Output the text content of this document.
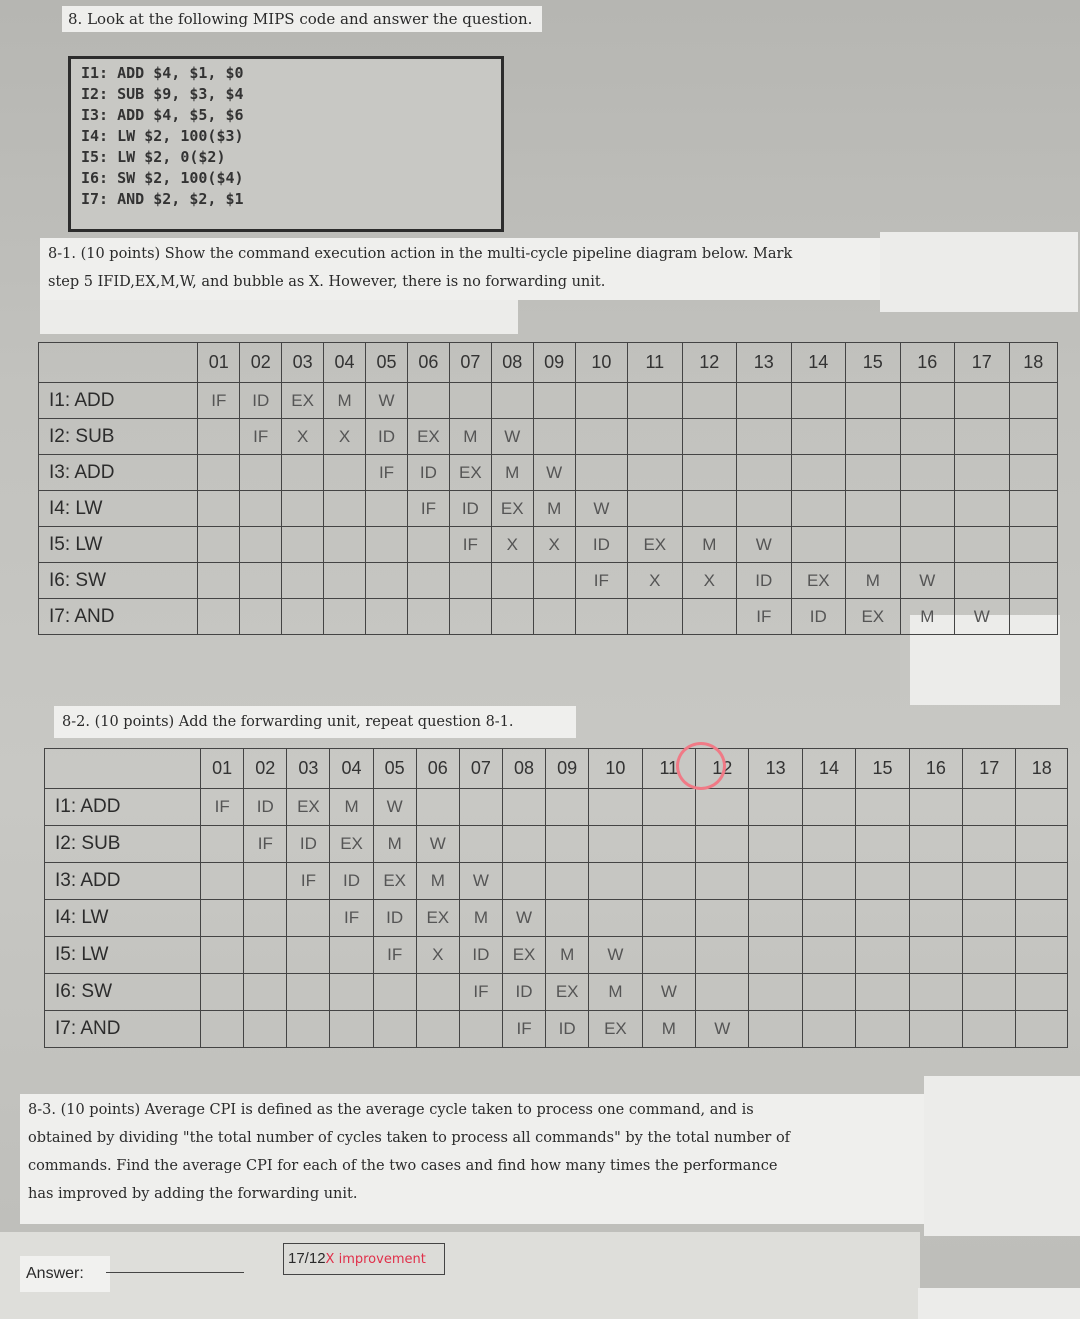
8. Look at the following MIPS code and answer the question.
I1: ADD $4, $1, $0
I2: SUB $9, $3, $4
I3: ADD $4, $5, $6
I4: LW $2, 100($3)
I5: LW $2, 0($2)
I6: SW $2, 100($4)
I7: AND $2, $2, $1
8-1. (10 points) Show the command execution action in the multi-cycle pipeline diagram below. Mark
step 5 IFID,EX,M,W, and bubble as X. However, there is no forwarding unit.
	01	02	03	04	05	06	07	08	09	10	11	12	13	14	15	16	17	18
I1: ADD	IF	ID	EX	M	W													
I2: SUB		IF	X	X	ID	EX	M	W										
I3: ADD					IF	ID	EX	M	W									
I4: LW						IF	ID	EX	M	W								
I5: LW							IF	X	X	ID	EX	M	W					
I6: SW										IF	X	X	ID	EX	M	W		
I7: AND													IF	ID	EX	M	W	
8-2. (10 points) Add the forwarding unit, repeat question 8-1.
	01	02	03	04	05	06	07	08	09	10	11	12	13	14	15	16	17	18
I1: ADD	IF	ID	EX	M	W													
I2: SUB		IF	ID	EX	M	W												
I3: ADD			IF	ID	EX	M	W											
I4: LW				IF	ID	EX	M	W										
I5: LW					IF	X	ID	EX	M	W								
I6: SW							IF	ID	EX	M	W							
I7: AND								IF	ID	EX	M	W						
8-3. (10 points) Average CPI is defined as the average cycle taken to process one command, and is
obtained by dividing "the total number of cycles taken to process all commands" by the total number of
commands. Find the average CPI for each of the two cases and find how many times the performance
has improved by adding the forwarding unit.
Answer:
17/12X improvement
